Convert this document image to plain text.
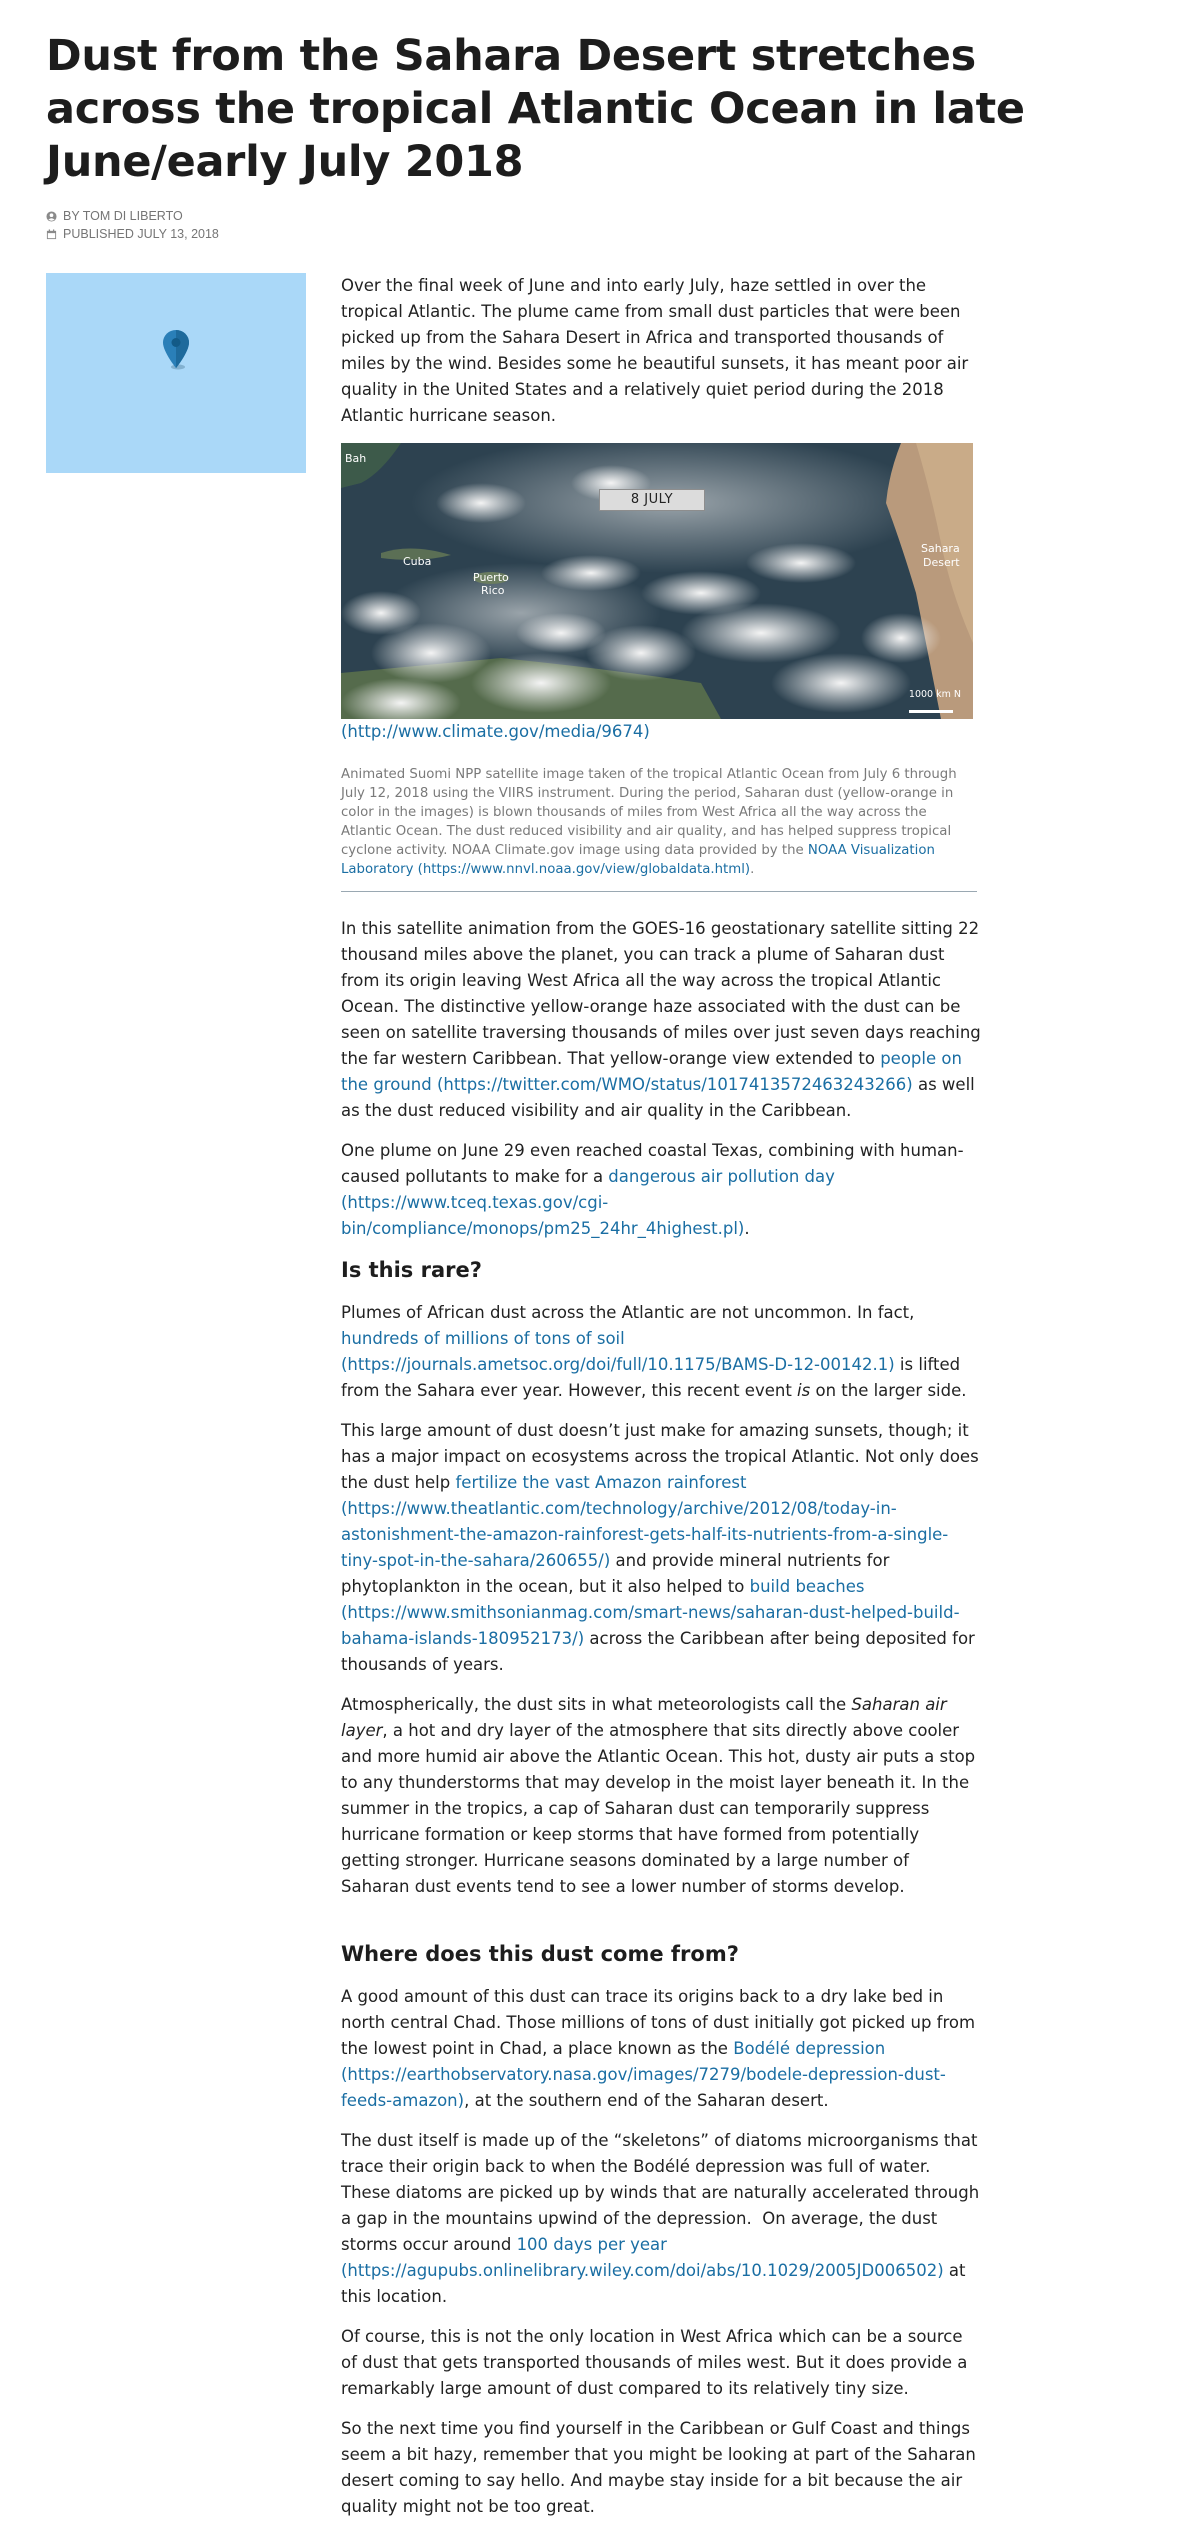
Dust from the Sahara Desert stretches across the tropical Atlantic Ocean in late June/early July 2018
BY TOM DI LIBERTO
PUBLISHED JULY 13, 2018

Over the final week of June and into early July, haze settled in over the tropical Atlantic. The plume came from small dust particles that were been picked up from the Sahara Desert in Africa and transported thousands of miles by the wind. Besides some he beautiful sunsets, it has meant poor air quality in the United States and a relatively quiet period during the 2018 Atlantic hurricane season.

Bah
8 JULY
Cuba
Puerto
Rico
Sahara
Desert
1000 km N

(http://www.climate.gov/media/9674)

Animated Suomi NPP satellite image taken of the tropical Atlantic Ocean from July 6 through July 12, 2018 using the VIIRS instrument. During the period, Saharan dust (yellow-orange in color in the images) is blown thousands of miles from West Africa all the way across the Atlantic Ocean. The dust reduced visibility and air quality, and has helped suppress tropical cyclone activity. NOAA Climate.gov image using data provided by the NOAA Visualization Laboratory (https://www.nnvl.noaa.gov/view/globaldata.html).

In this satellite animation from the GOES-16 geostationary satellite sitting 22 thousand miles above the planet, you can track a plume of Saharan dust from its origin leaving West Africa all the way across the tropical Atlantic Ocean. The distinctive yellow-orange haze associated with the dust can be seen on satellite traversing thousands of miles over just seven days reaching the far western Caribbean. That yellow-orange view extended to people on the ground (https://twitter.com/WMO/status/1017413572463243266) as well as the dust reduced visibility and air quality in the Caribbean.

One plume on June 29 even reached coastal Texas, combining with human-caused pollutants to make for a dangerous air pollution day (https://www.tceq.texas.gov/cgi-bin/compliance/monops/pm25_24hr_4highest.pl).

Is this rare?

Plumes of African dust across the Atlantic are not uncommon. In fact, hundreds of millions of tons of soil (https://journals.ametsoc.org/doi/full/10.1175/BAMS-D-12-00142.1) is lifted from the Sahara ever year. However, this recent event is on the larger side.

This large amount of dust doesn’t just make for amazing sunsets, though; it has a major impact on ecosystems across the tropical Atlantic. Not only does the dust help fertilize the vast Amazon rainforest (https://www.theatlantic.com/technology/archive/2012/08/today-in-astonishment-the-amazon-rainforest-gets-half-its-nutrients-from-a-single-tiny-spot-in-the-sahara/260655/) and provide mineral nutrients for phytoplankton in the ocean, but it also helped to build beaches (https://www.smithsonianmag.com/smart-news/saharan-dust-helped-build-bahama-islands-180952173/) across the Caribbean after being deposited for thousands of years.

Atmospherically, the dust sits in what meteorologists call the Saharan air layer, a hot and dry layer of the atmosphere that sits directly above cooler and more humid air above the Atlantic Ocean. This hot, dusty air puts a stop to any thunderstorms that may develop in the moist layer beneath it. In the summer in the tropics, a cap of Saharan dust can temporarily suppress hurricane formation or keep storms that have formed from potentially getting stronger. Hurricane seasons dominated by a large number of Saharan dust events tend to see a lower number of storms develop.

Where does this dust come from?

A good amount of this dust can trace its origins back to a dry lake bed in north central Chad. Those millions of tons of dust initially got picked up from the lowest point in Chad, a place known as the Bodélé depression (https://earthobservatory.nasa.gov/images/7279/bodele-depression-dust-feeds-amazon), at the southern end of the Saharan desert.

The dust itself is made up of the “skeletons” of diatoms microorganisms that trace their origin back to when the Bodélé depression was full of water. These diatoms are picked up by winds that are naturally accelerated through a gap in the mountains upwind of the depression.  On average, the dust storms occur around 100 days per year (https://agupubs.onlinelibrary.wiley.com/doi/abs/10.1029/2005JD006502) at this location.

Of course, this is not the only location in West Africa which can be a source of dust that gets transported thousands of miles west. But it does provide a remarkably large amount of dust compared to its relatively tiny size.

So the next time you find yourself in the Caribbean or Gulf Coast and things seem a bit hazy, remember that you might be looking at part of the Saharan desert coming to say hello. And maybe stay inside for a bit because the air quality might not be too great.
